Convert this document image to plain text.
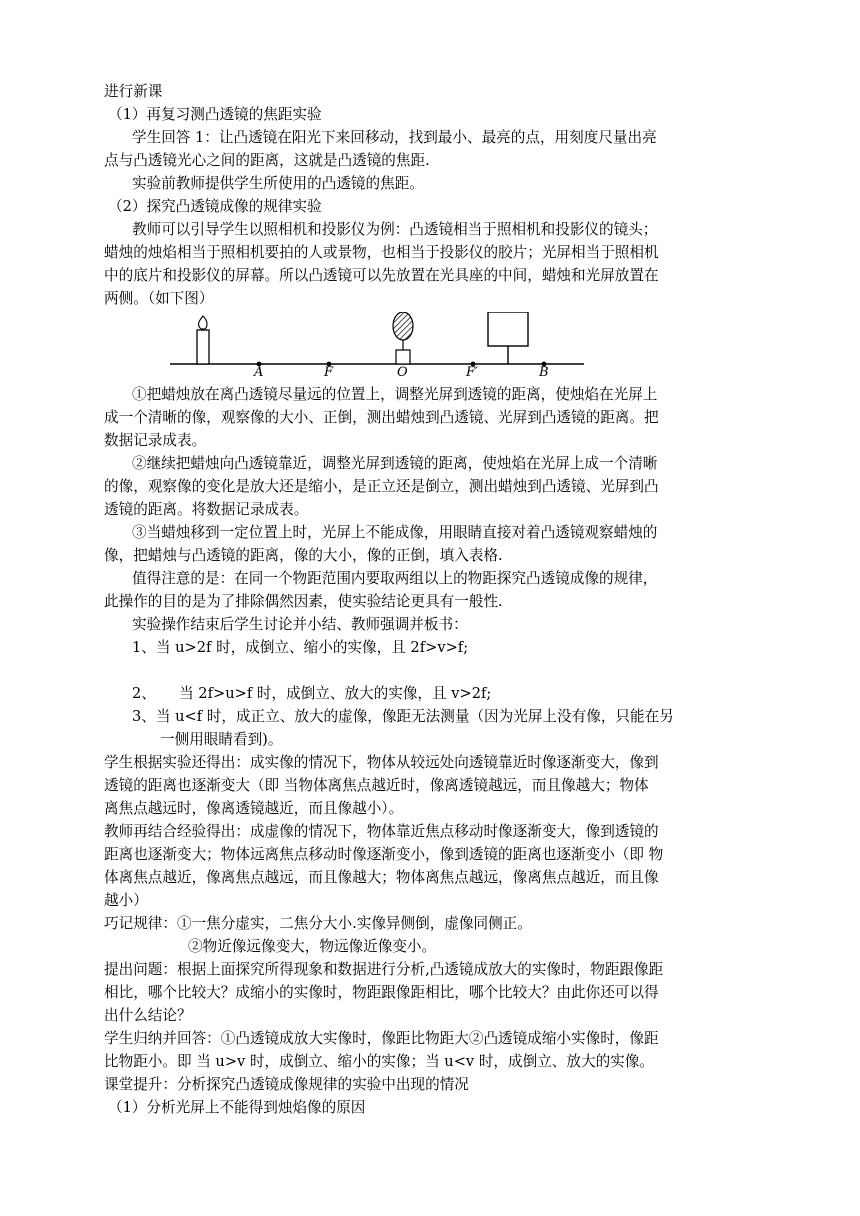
进行新课
（1）再复习测凸透镜的焦距实验
学生回答 1：让凸透镜在阳光下来回移动，找到最小、最亮的点，用刻度尺量出亮
点与凸透镜光心之间的距离，这就是凸透镜的焦距.
实验前教师提供学生所使用的凸透镜的焦距。
（2）探究凸透镜成像的规律实验
教师可以引导学生以照相机和投影仪为例：凸透镜相当于照相机和投影仪的镜头；
蜡烛的烛焰相当于照相机要拍的人或景物，也相当于投影仪的胶片；光屏相当于照相机
中的底片和投影仪的屏幕。所以凸透镜可以先放置在光具座的中间，蜡烛和光屏放置在
两侧。（如下图）
A	F	O	F′	B
①把蜡烛放在离凸透镜尽量远的位置上，调整光屏到透镜的距离，使烛焰在光屏上
成一个清晰的像，观察像的大小、正倒，测出蜡烛到凸透镜、光屏到凸透镜的距离。把
数据记录成表。
②继续把蜡烛向凸透镜靠近，调整光屏到透镜的距离，使烛焰在光屏上成一个清晰
的像，观察像的变化是放大还是缩小，是正立还是倒立，测出蜡烛到凸透镜、光屏到凸
透镜的距离。将数据记录成表。
③当蜡烛移到一定位置上时，光屏上不能成像，用眼睛直接对着凸透镜观察蜡烛的
像，把蜡烛与凸透镜的距离，像的大小，像的正倒，填入表格.
值得注意的是：在同一个物距范围内要取两组以上的物距探究凸透镜成像的规律，
此操作的目的是为了排除偶然因素，使实验结论更具有一般性.
实验操作结束后学生讨论并小结、教师强调并板书：
1、当 u>2f 时，成倒立、缩小的实像，且 2f>v>f;
2、     当 2f>u>f 时，成倒立、放大的实像，且 v>2f;
3、当 u<f 时，成正立、放大的虚像，像距无法测量（因为光屏上没有像，只能在另
一侧用眼睛看到)。
学生根据实验还得出：成实像的情况下，物体从较远处向透镜靠近时像逐渐变大，像到
透镜的距离也逐渐变大（即 当物体离焦点越近时，像离透镜越远，而且像越大；物体
离焦点越远时，像离透镜越近，而且像越小）。
教师再结合经验得出：成虚像的情况下，物体靠近焦点移动时像逐渐变大，像到透镜的
距离也逐渐变大；物体远离焦点移动时像逐渐变小，像到透镜的距离也逐渐变小（即 物
体离焦点越近，像离焦点越远，而且像越大；物体离焦点越远，像离焦点越近，而且像
越小）
巧记规律：①一焦分虚实，二焦分大小.实像异侧倒，虚像同侧正。
②物近像远像变大，物远像近像变小。
提出问题：根据上面探究所得现象和数据进行分析,凸透镜成放大的实像时，物距跟像距
相比，哪个比较大？成缩小的实像时，物距跟像距相比，哪个比较大？由此你还可以得
出什么结论？
学生归纳并回答：①凸透镜成放大实像时，像距比物距大②凸透镜成缩小实像时，像距
比物距小。即 当 u>v 时，成倒立、缩小的实像；当 u<v 时，成倒立、放大的实像。
课堂提升：分析探究凸透镜成像规律的实验中出现的情况
（1）分析光屏上不能得到烛焰像的原因
